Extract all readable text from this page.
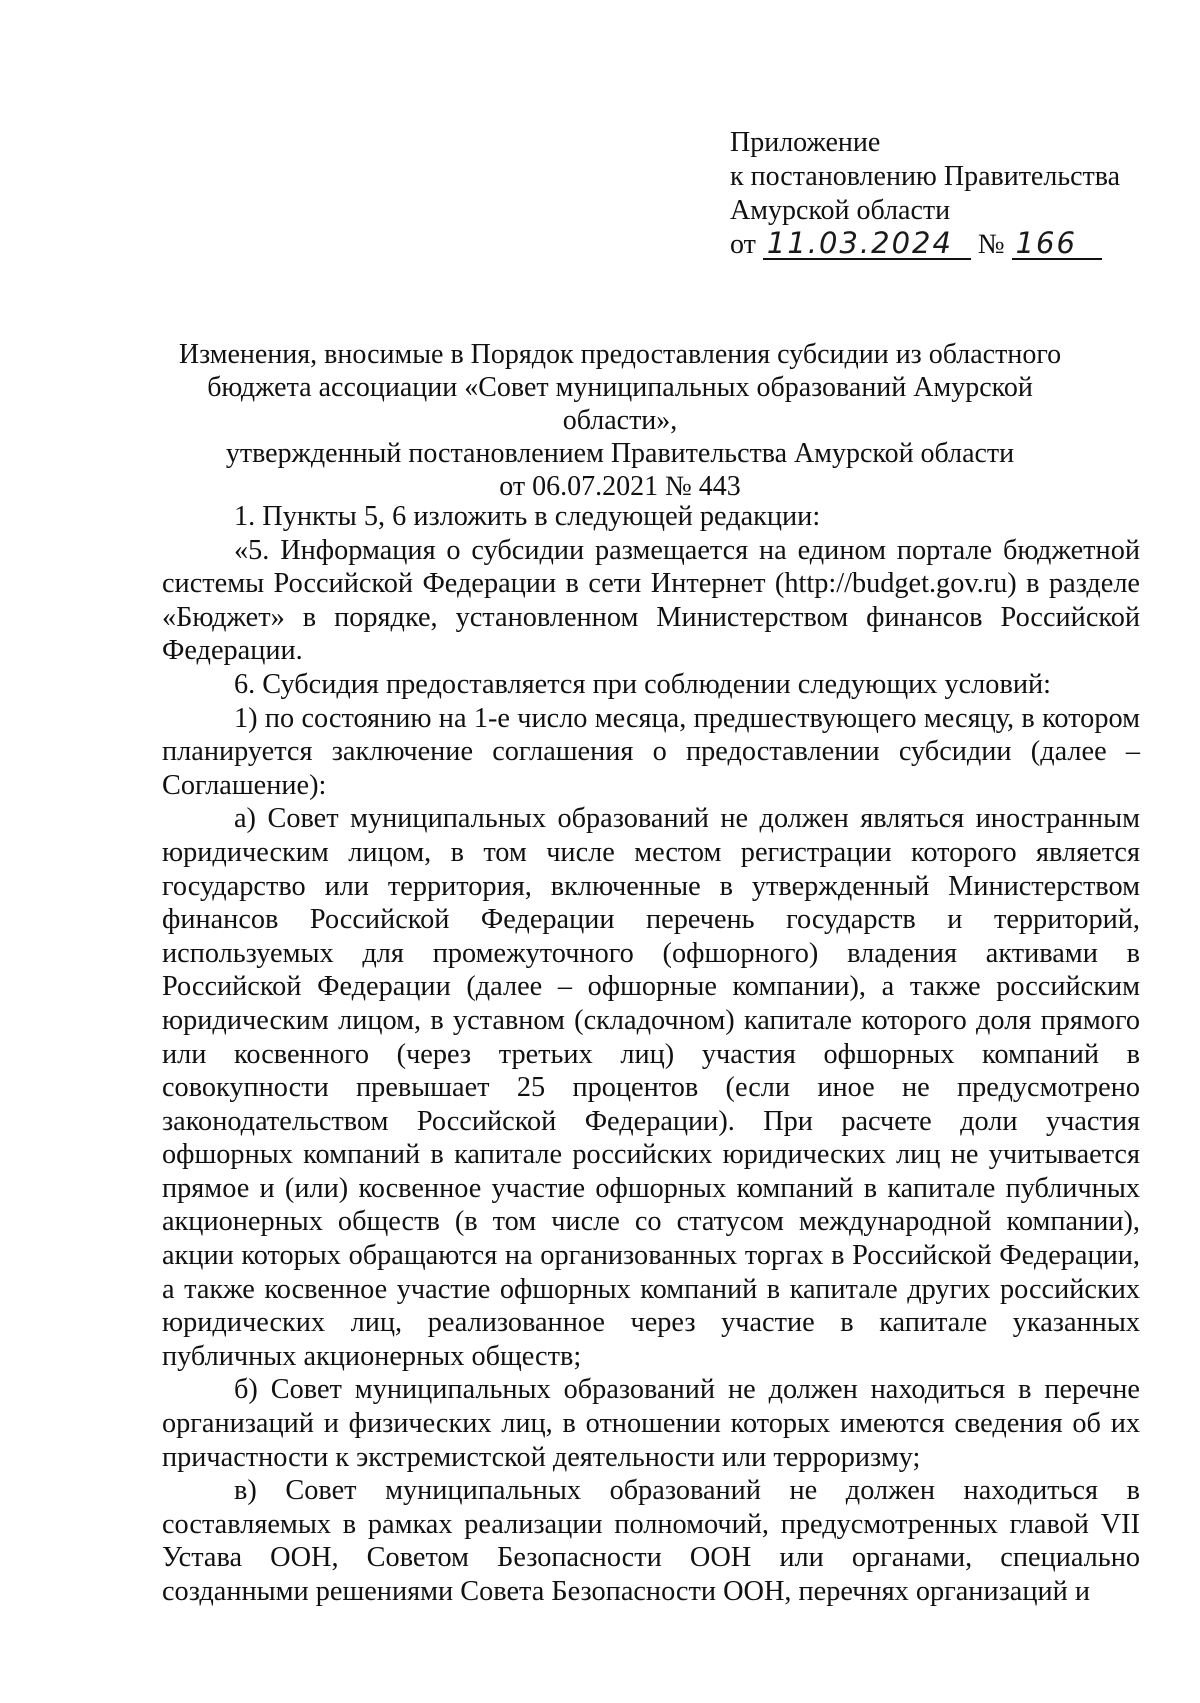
Приложение
к постановлению Правительства
Амурской области
от 11.03.2024 № 166
Изменения, вносимые в Порядок предоставления субсидии из областного
бюджета ассоциации «Совет муниципальных образований Амурской области»,
утвержденный постановлением Правительства Амурской области
от 06.07.2021 № 443

1. Пункты 5, 6 изложить в следующей редакции:

«5. Информация о субсидии размещается на едином портале бюджетной системы Российской Федерации в сети Интернет (http://budget.gov.ru) в разделе «Бюджет» в порядке, установленном Министерством финансов Российской Федерации.

6. Субсидия предоставляется при соблюдении следующих условий:

1) по состоянию на 1-е число месяца, предшествующего месяцу, в котором планируется заключение соглашения о предоставлении субсидии (далее – Соглашение):

а) Совет муниципальных образований не должен являться иностранным юридическим лицом, в том числе местом регистрации которого является государство или территория, включенные в утвержденный Министерством финансов Российской Федерации перечень государств и территорий, используемых для промежуточного (офшорного) владения активами в Российской Федерации (далее – офшорные компании), а также российским юридическим лицом, в уставном (складочном) капитале которого доля прямого или косвенного (через третьих лиц) участия офшорных компаний в совокупности превышает 25 процентов (если иное не предусмотрено законодательством Российской Федерации). При расчете доли участия офшорных компаний в капитале российских юридических лиц не учитывается прямое и (или) косвенное участие офшорных компаний в капитале публичных акционерных обществ (в том числе со статусом международной компании), акции которых обращаются на организованных торгах в Российской Федерации, а также косвенное участие офшорных компаний в капитале других российских юридических лиц, реализованное через участие в капитале указанных публичных акционерных обществ;

б) Совет муниципальных образований не должен находиться в перечне организаций и физических лиц, в отношении которых имеются сведения об их причастности к экстремистской деятельности или терроризму;

в) Совет муниципальных образований не должен находиться в составляемых в рамках реализации полномочий, предусмотренных главой VII Устава ООН, Советом Безопасности ООН или органами, специально созданными решениями Совета Безопасности ООН, перечнях организаций и
